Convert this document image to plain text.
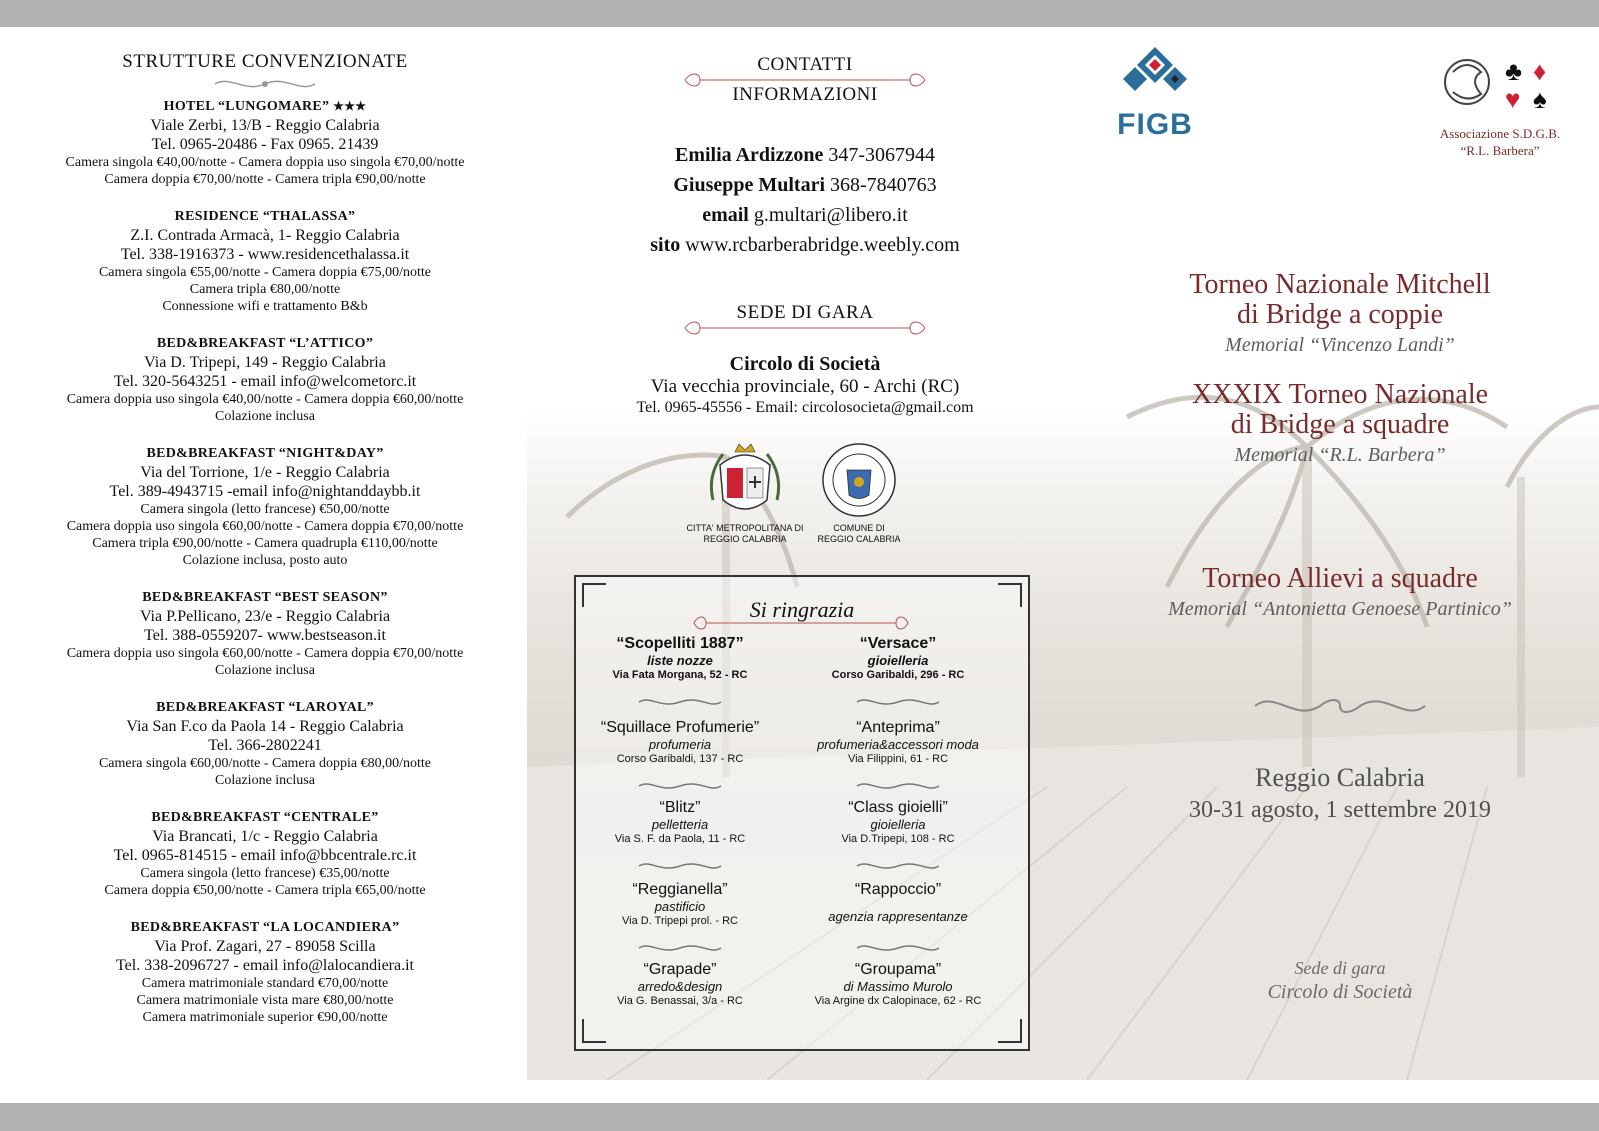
STRUTTURE CONVENZIONATE

HOTEL “LUNGOMARE” ★★★

Viale Zerbi, 13/B - Reggio Calabria

Tel. 0965-20486 - Fax 0965. 21439

Camera singola €40,00/notte - Camera doppia uso singola €70,00/notte

Camera doppia €70,00/notte - Camera tripla €90,00/notte

RESIDENCE “THALASSA”

Z.I. Contrada Armacà, 1- Reggio Calabria

Tel. 338-1916373 - www.residencethalassa.it

Camera singola €55,00/notte - Camera doppia €75,00/notte

Camera tripla €80,00/notte

Connessione wifi e trattamento B&b

BED&BREAKFAST “L’ATTICO”

Via D. Tripepi, 149 - Reggio Calabria

Tel. 320-5643251 - email info@welcometorc.it

Camera doppia uso singola €40,00/notte - Camera doppia €60,00/notte

Colazione inclusa

BED&BREAKFAST “NIGHT&DAY”

Via del Torrione, 1/e - Reggio Calabria

Tel. 389-4943715 -email info@nightanddaybb.it

Camera singola (letto francese) €50,00/notte

Camera doppia uso singola €60,00/notte - Camera doppia €70,00/notte

Camera tripla €90,00/notte - Camera quadrupla €110,00/notte

Colazione inclusa, posto auto

BED&BREAKFAST “BEST SEASON”

Via P.Pellicano, 23/e - Reggio Calabria

Tel. 388-0559207- www.bestseason.it

Camera doppia uso singola €60,00/notte - Camera doppia €70,00/notte

Colazione inclusa

BED&BREAKFAST “LAROYAL”

Via San F.co da Paola 14 - Reggio Calabria

Tel. 366-2802241

Camera singola €60,00/notte - Camera doppia €80,00/notte

Colazione inclusa

BED&BREAKFAST “CENTRALE”

Via Brancati, 1/c - Reggio Calabria

Tel. 0965-814515 - email info@bbcentrale.rc.it

Camera singola (letto francese) €35,00/notte

Camera doppia €50,00/notte - Camera tripla €65,00/notte

BED&BREAKFAST “LA LOCANDIERA”

Via Prof. Zagari, 27 - 89058 Scilla

Tel. 338-2096727 - email info@lalocandiera.it

Camera matrimoniale standard €70,00/notte

Camera matrimoniale vista mare €80,00/notte

Camera matrimoniale superior €90,00/notte

CONTATTI
INFORMAZIONI

Emilia Ardizzone 347-3067944

Giuseppe Multari 368-7840763

email g.multari@libero.it

sito www.rcbarberabridge.weebly.com

SEDE DI GARA
Circolo di Società
Via vecchia provinciale, 60 - Archi (RC)
Tel. 0965-45556 - Email: circolosocieta@gmail.com
CITTA' METROPOLITANA DI
REGGIO CALABRIA
COMUNE DI
REGGIO CALABRIA
Si ringrazia
“Scopelliti 1887”
liste nozze
Via Fata Morgana, 52 - RC
“Versace”
gioielleria
Corso Garibaldi, 296 - RC
“Squillace Profumerie”
profumeria
Corso Garibaldi, 137 - RC
“Anteprima”
profumeria&accessori moda
Via Filippini, 61 - RC
“Blitz”
pelletteria
Via S. F. da Paola, 11 - RC
“Class gioielli”
gioielleria
Via D.Tripepi, 108 - RC
“Reggianella”
pastificio
Via D. Tripepi prol. - RC
“Rappoccio”
agenzia rappresentanze
“Grapade”
arredo&design
Via G. Benassai, 3/a - RC
“Groupama”
di Massimo Murolo
Via Argine dx Calopinace, 62 - RC
FIGB
♣ ♦
♥ ♠
Associazione S.D.G.B.
“R.L. Barbera”

Torneo Nazionale Mitchell

di Bridge a coppie

Memorial “Vincenzo Landi”

XXXIX Torneo Nazionale

di Bridge a squadre

Memorial “R.L. Barbera”

Torneo Allievi a squadre

Memorial “Antonietta Genoese Partinico”

Reggio Calabria

30-31 agosto, 1 settembre 2019

Sede di gara

Circolo di Società
